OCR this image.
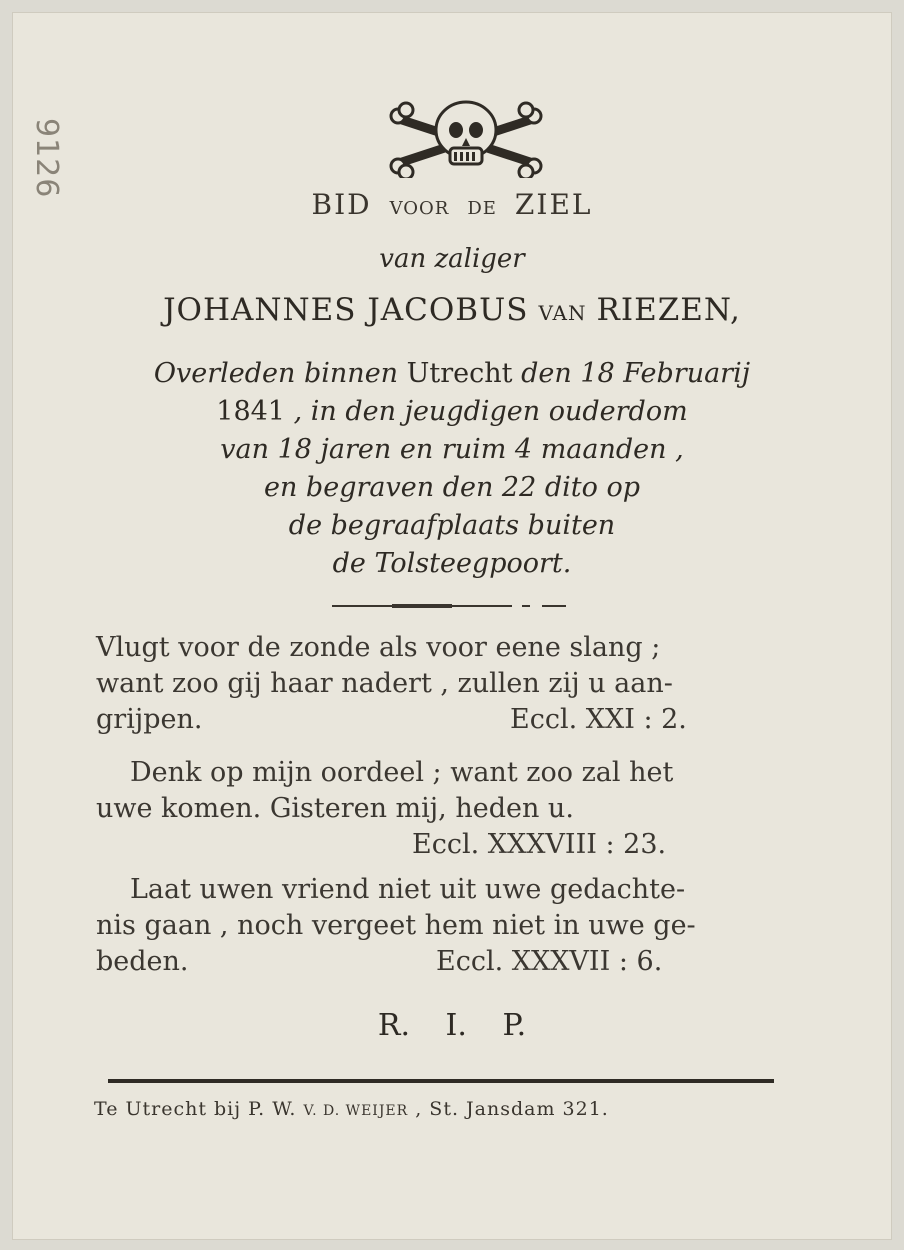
9126
BID VOOR DE ZIEL
van zaliger
JOHANNES JACOBUS VAN RIEZEN,
Overleden binnen Utrecht den 18 Februarij
1841 , in den jeugdigen ouderdom
van 18 jaren en ruim 4 maanden ,
en begraven den 22 dito op
de begraafplaats buiten
de Tolsteegpoort.
Vlugt voor de zonde als voor eene slang ;
want zoo gij haar nadert , zullen zij u aan-
grijpen.	Eccl. XXI : 2.
Denk op mijn oordeel ; want zoo zal het
uwe komen. Gisteren mij, heden u.
Eccl. XXXVIII : 23.
Laat uwen vriend niet uit uwe gedachte-
nis gaan , noch vergeet hem niet in uwe ge-
beden.	Eccl. XXXVII : 6.
R. I. P.
Te Utrecht bij P. W. V. D. WEIJER , St. Jansdam 321.
